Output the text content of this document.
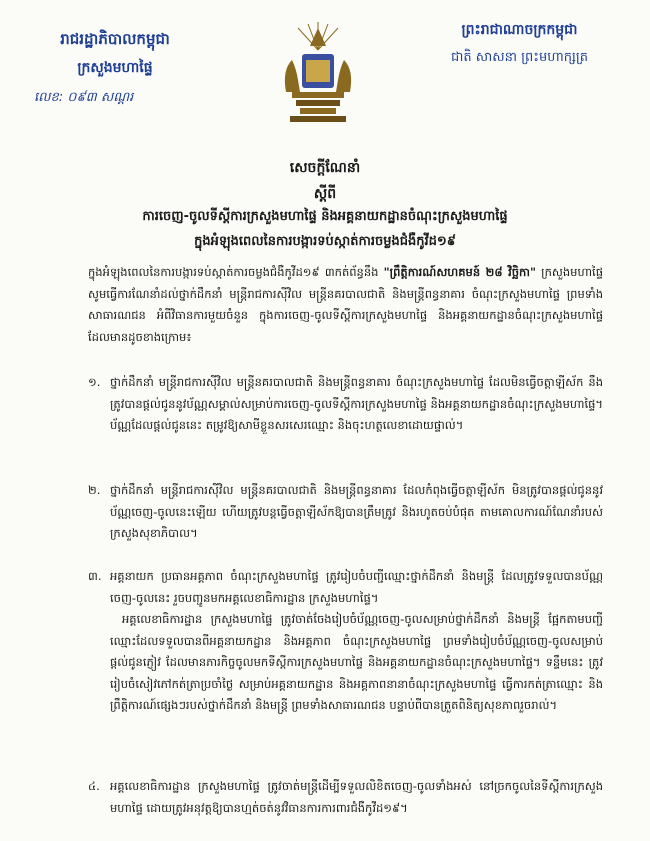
រាជរដ្ឋាភិបាលកម្ពុជា
ក្រសួងមហាផ្ទៃ
លេខ: ០៩៣ សណ្តរ
ព្រះរាជាណាចក្រកម្ពុជា
ជាតិ សាសនា ព្រះមហាក្សត្រ
សេចក្តីណែនាំ
ស្តីពី
ការចេញ-ចូលទីស្តីការក្រសួងមហាផ្ទៃ និងអគ្គនាយកដ្ឋានចំណុះក្រសួងមហាផ្ទៃ
ក្នុងអំឡុងពេលនៃការបង្ការទប់ស្កាត់ការចម្លងជំងឺកូវីដ១៩
ក្នុងអំឡុងពេលនៃការបង្ការទប់ស្កាត់ការចម្លងជំងឺកូវីដ១៩ ៣កត់ព័ន្ធនឹង "ព្រឹត្តិការណ៍សហគមន៍ ២៨ វិច្ឆិកា" ក្រសួងមហាផ្ទៃសូមធ្វើការណែនាំដល់ថ្នាក់ដឹកនាំ មន្ត្រីរាជការស៊ីវិល មន្ត្រីនគរបាលជាតិ និងមន្ត្រីពន្ធនាគារ ចំណុះក្រសួងមហាផ្ទៃ ព្រមទាំងសាធារណជន អំពីវិធានការមួយចំនួន ក្នុងការចេញ-ចូលទីស្តីការក្រសួងមហាផ្ទៃ និងអគ្គនាយកដ្ឋានចំណុះក្រសួងមហាផ្ទៃ ដែលមានដូចខាងក្រោម៖
១. ថ្នាក់ដឹកនាំ មន្ត្រីរាជការស៊ីវិល មន្ត្រីនគរបាលជាតិ និងមន្ត្រីពន្ធនាគារ ចំណុះក្រសួងមហាផ្ទៃ ដែលមិនធ្វើចត្តាឡីស័ក នឹងត្រូវបានផ្តល់ជូននូវប័ណ្ណសម្គាល់សម្រាប់ការចេញ-ចូលទីស្តីការក្រសួងមហាផ្ទៃ និងអគ្គនាយកដ្ឋានចំណុះក្រសួងមហាផ្ទៃ។ ប័ណ្ណដែលផ្តល់ជូននេះ តម្រូវឱ្យសាមីខ្លួនសរសេរឈ្មោះ និងចុះហត្ថលេខាដោយផ្ទាល់។
២. ថ្នាក់ដឹកនាំ មន្ត្រីរាជការស៊ីវិល មន្ត្រីនគរបាលជាតិ និងមន្ត្រីពន្ធនាគារ ដែលកំពុងធ្វើចត្តាឡីស័ក មិនត្រូវបានផ្តល់ជូននូវប័ណ្ណចេញ-ចូលនេះឡើយ ហើយត្រូវបន្តធ្វើចត្តាឡីស័កឱ្យបានត្រឹមត្រូវ និងរហូតចប់បំផុត តាមគោលការណ៍ណែនាំរបស់ក្រសួងសុខាភិបាល។
៣. អគ្គនាយក ប្រធានអគ្គភាព ចំណុះក្រសួងមហាផ្ទៃ ត្រូវរៀបចំបញ្ជីឈ្មោះថ្នាក់ដឹកនាំ និងមន្ត្រី ដែលត្រូវទទួលបានប័ណ្ណចេញ-ចូលនេះ រួចបញ្ជូនមកអគ្គលេខាធិការដ្ឋាន ក្រសួងមហាផ្ទៃ។
អគ្គលេខាធិការដ្ឋាន ក្រសួងមហាផ្ទៃ ត្រូវចាត់ចែងរៀបចំប័ណ្ណចេញ-ចូលសម្រាប់ថ្នាក់ដឹកនាំ និងមន្ត្រី ផ្អែកតាមបញ្ជីឈ្មោះដែលទទួលបានពីអគ្គនាយកដ្ឋាន និងអគ្គភាព ចំណុះក្រសួងមហាផ្ទៃ ព្រមទាំងរៀបចំប័ណ្ណចេញ-ចូលសម្រាប់ផ្តល់ជូនភ្ញៀវ ដែលមានភារកិច្ចចូលមកទីស្តីការក្រសួងមហាផ្ទៃ និងអគ្គនាយកដ្ឋានចំណុះក្រសួងមហាផ្ទៃ។ ទន្ទឹមនេះ ត្រូវរៀបចំសៀវភៅកត់ត្រាប្រចាំថ្ងៃ សម្រាប់អគ្គនាយកដ្ឋាន និងអគ្គភាពនានាចំណុះក្រសួងមហាផ្ទៃ ធ្វើការកត់ត្រាឈ្មោះ និងព្រឹត្តិការណ៍ផ្សេងៗរបស់ថ្នាក់ដឹកនាំ និងមន្ត្រី ព្រមទាំងសាធារណជន បន្ទាប់ពីបានត្រួតពិនិត្យសុខភាពរួចរាល់។
៤. អគ្គលេខាធិការដ្ឋាន ក្រសួងមហាផ្ទៃ ត្រូវចាត់មន្ត្រីដើម្បីទទួលលិខិតចេញ-ចូលទាំងអស់ នៅច្រកចូលនៃទីស្តីការក្រសួងមហាផ្ទៃ ដោយត្រូវអនុវត្តឱ្យបានហ្មត់ចត់នូវវិធានការការពារជំងឺកូវីដ១៩។
